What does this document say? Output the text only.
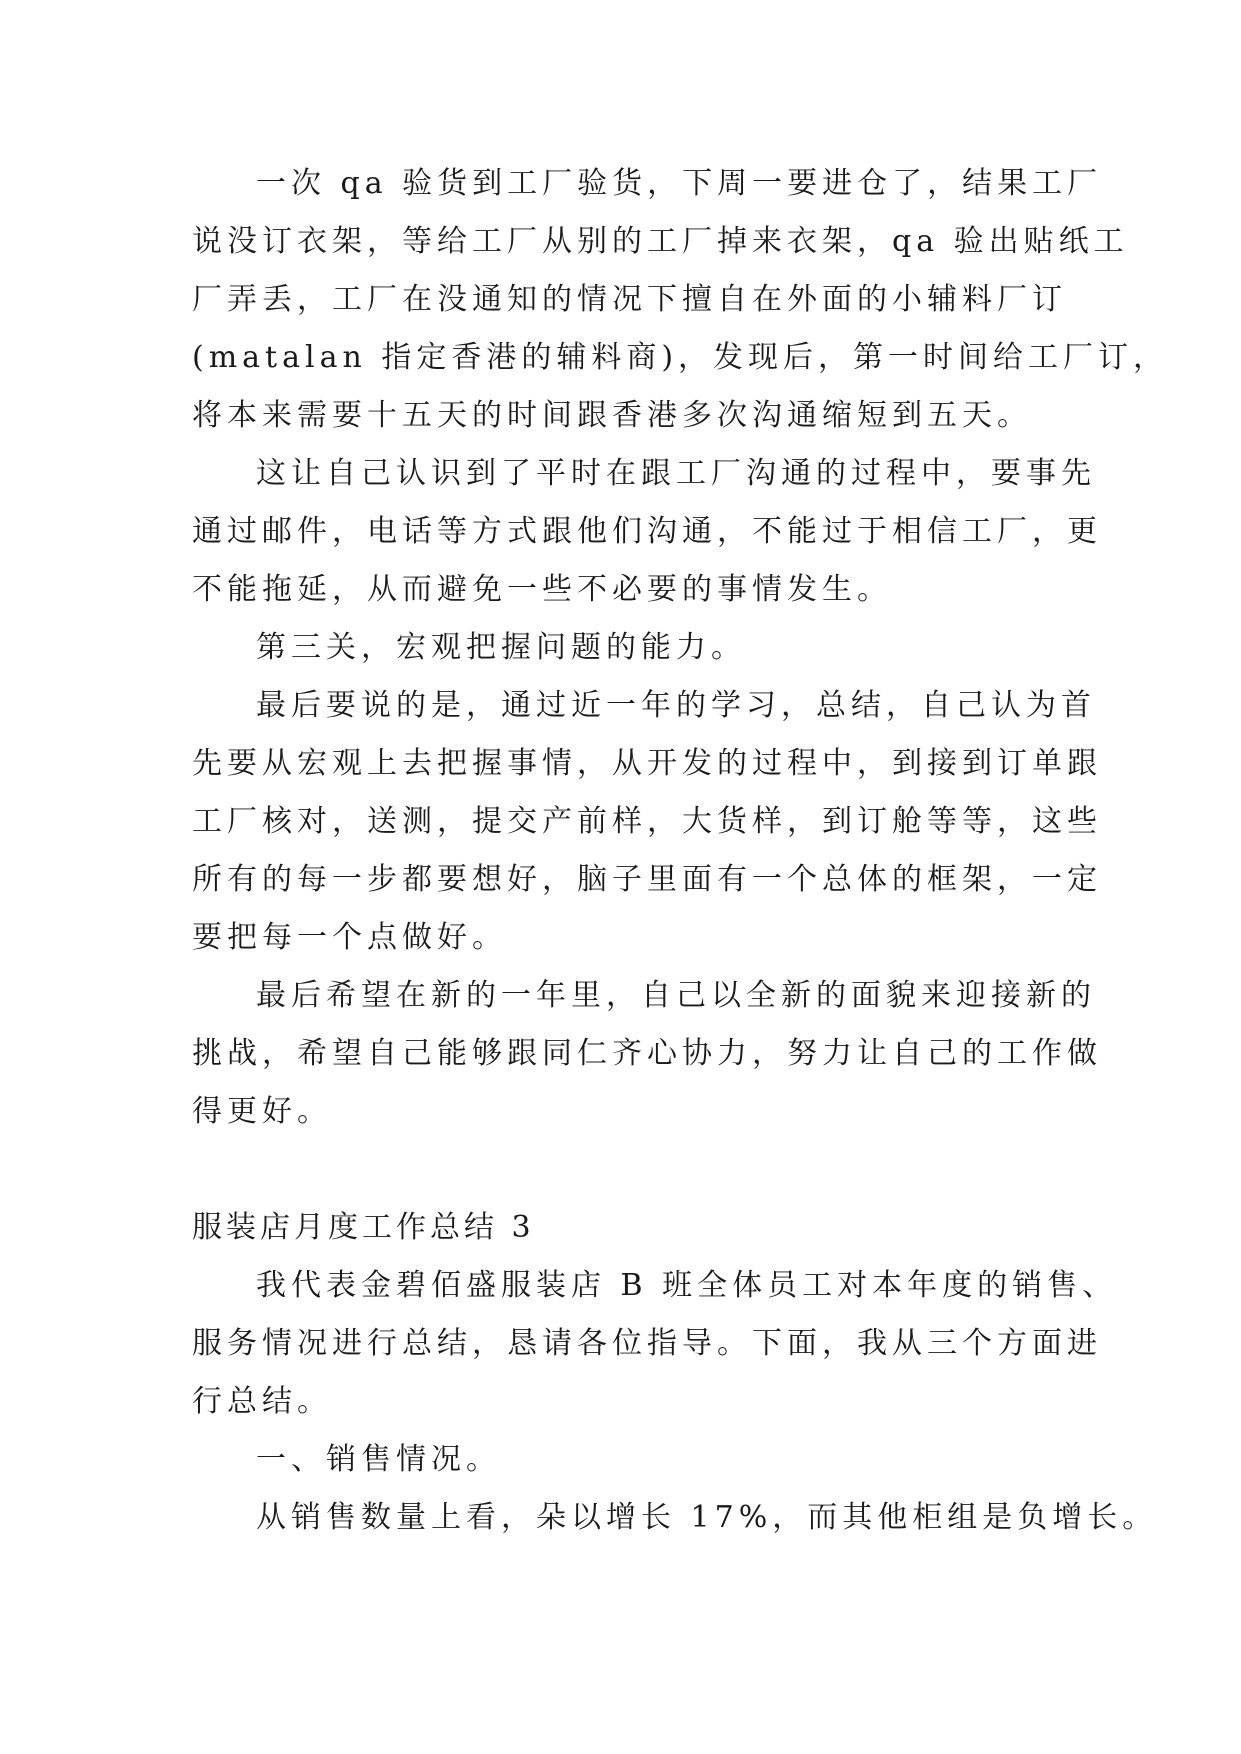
一次 qa 验货到工厂验货，下周一要进仓了，结果工厂
说没订衣架，等给工厂从别的工厂掉来衣架，qa 验出贴纸工
厂弄丢，工厂在没通知的情况下擅自在外面的小辅料厂订
(matalan 指定香港的辅料商)，发现后，第一时间给工厂订，
将本来需要十五天的时间跟香港多次沟通缩短到五天。
这让自己认识到了平时在跟工厂沟通的过程中，要事先
通过邮件，电话等方式跟他们沟通，不能过于相信工厂，更
不能拖延，从而避免一些不必要的事情发生。
第三关，宏观把握问题的能力。
最后要说的是，通过近一年的学习，总结，自己认为首
先要从宏观上去把握事情，从开发的过程中，到接到订单跟
工厂核对，送测，提交产前样，大货样，到订舱等等，这些
所有的每一步都要想好，脑子里面有一个总体的框架，一定
要把每一个点做好。
最后希望在新的一年里，自己以全新的面貌来迎接新的
挑战，希望自己能够跟同仁齐心协力，努力让自己的工作做
得更好。
服装店月度工作总结 3
我代表金碧佰盛服装店 B 班全体员工对本年度的销售、
服务情况进行总结，恳请各位指导。下面，我从三个方面进
行总结。
一、销售情况。
从销售数量上看，朵以增长 17%，而其他柜组是负增长。
